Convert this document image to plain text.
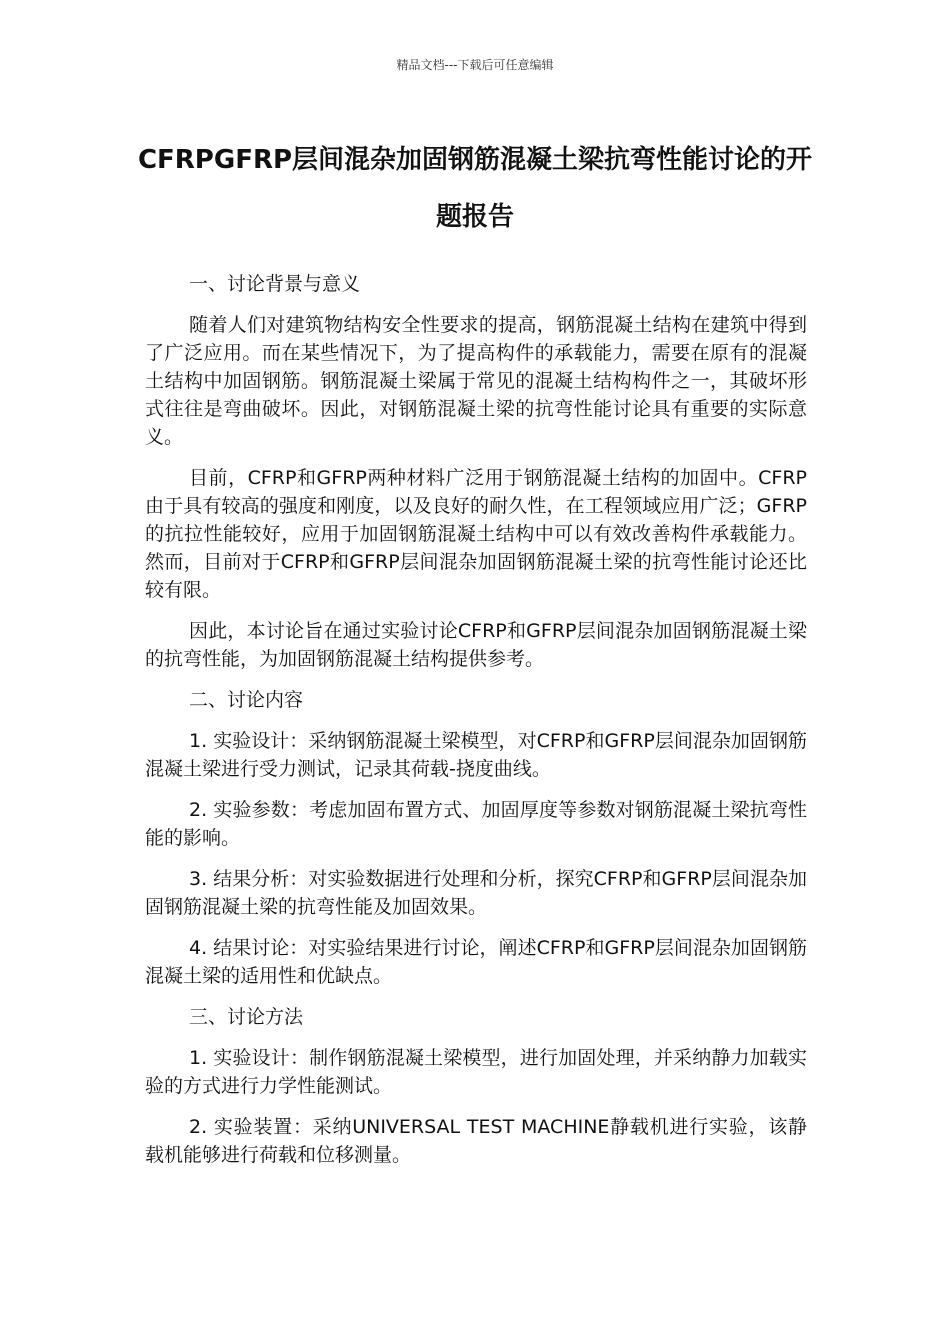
精品文档---下载后可任意编辑
CFRPGFRP层间混杂加固钢筋混凝土梁抗弯性能讨论的开题报告

一、讨论背景与意义

随着人们对建筑物结构安全性要求的提高，钢筋混凝土结构在建筑中得到了广泛应用。而在某些情况下，为了提高构件的承载能力，需要在原有的混凝土结构中加固钢筋。钢筋混凝土梁属于常见的混凝土结构构件之一，其破坏形式往往是弯曲破坏。因此，对钢筋混凝土梁的抗弯性能讨论具有重要的实际意义。

目前，CFRP和GFRP两种材料广泛用于钢筋混凝土结构的加固中。CFRP由于具有较高的强度和刚度，以及良好的耐久性，在工程领域应用广泛；GFRP的抗拉性能较好，应用于加固钢筋混凝土结构中可以有效改善构件承载能力。然而，目前对于CFRP和GFRP层间混杂加固钢筋混凝土梁的抗弯性能讨论还比较有限。

因此，本讨论旨在通过实验讨论CFRP和GFRP层间混杂加固钢筋混凝土梁的抗弯性能，为加固钢筋混凝土结构提供参考。

二、讨论内容

1. 实验设计：采纳钢筋混凝土梁模型，对CFRP和GFRP层间混杂加固钢筋混凝土梁进行受力测试，记录其荷载-挠度曲线。

2. 实验参数：考虑加固布置方式、加固厚度等参数对钢筋混凝土梁抗弯性能的影响。

3. 结果分析：对实验数据进行处理和分析，探究CFRP和GFRP层间混杂加固钢筋混凝土梁的抗弯性能及加固效果。

4. 结果讨论：对实验结果进行讨论，阐述CFRP和GFRP层间混杂加固钢筋混凝土梁的适用性和优缺点。

三、讨论方法

1. 实验设计：制作钢筋混凝土梁模型，进行加固处理，并采纳静力加载实验的方式进行力学性能测试。

2. 实验装置：采纳UNIVERSAL TEST MACHINE静载机进行实验，该静载机能够进行荷载和位移测量。
